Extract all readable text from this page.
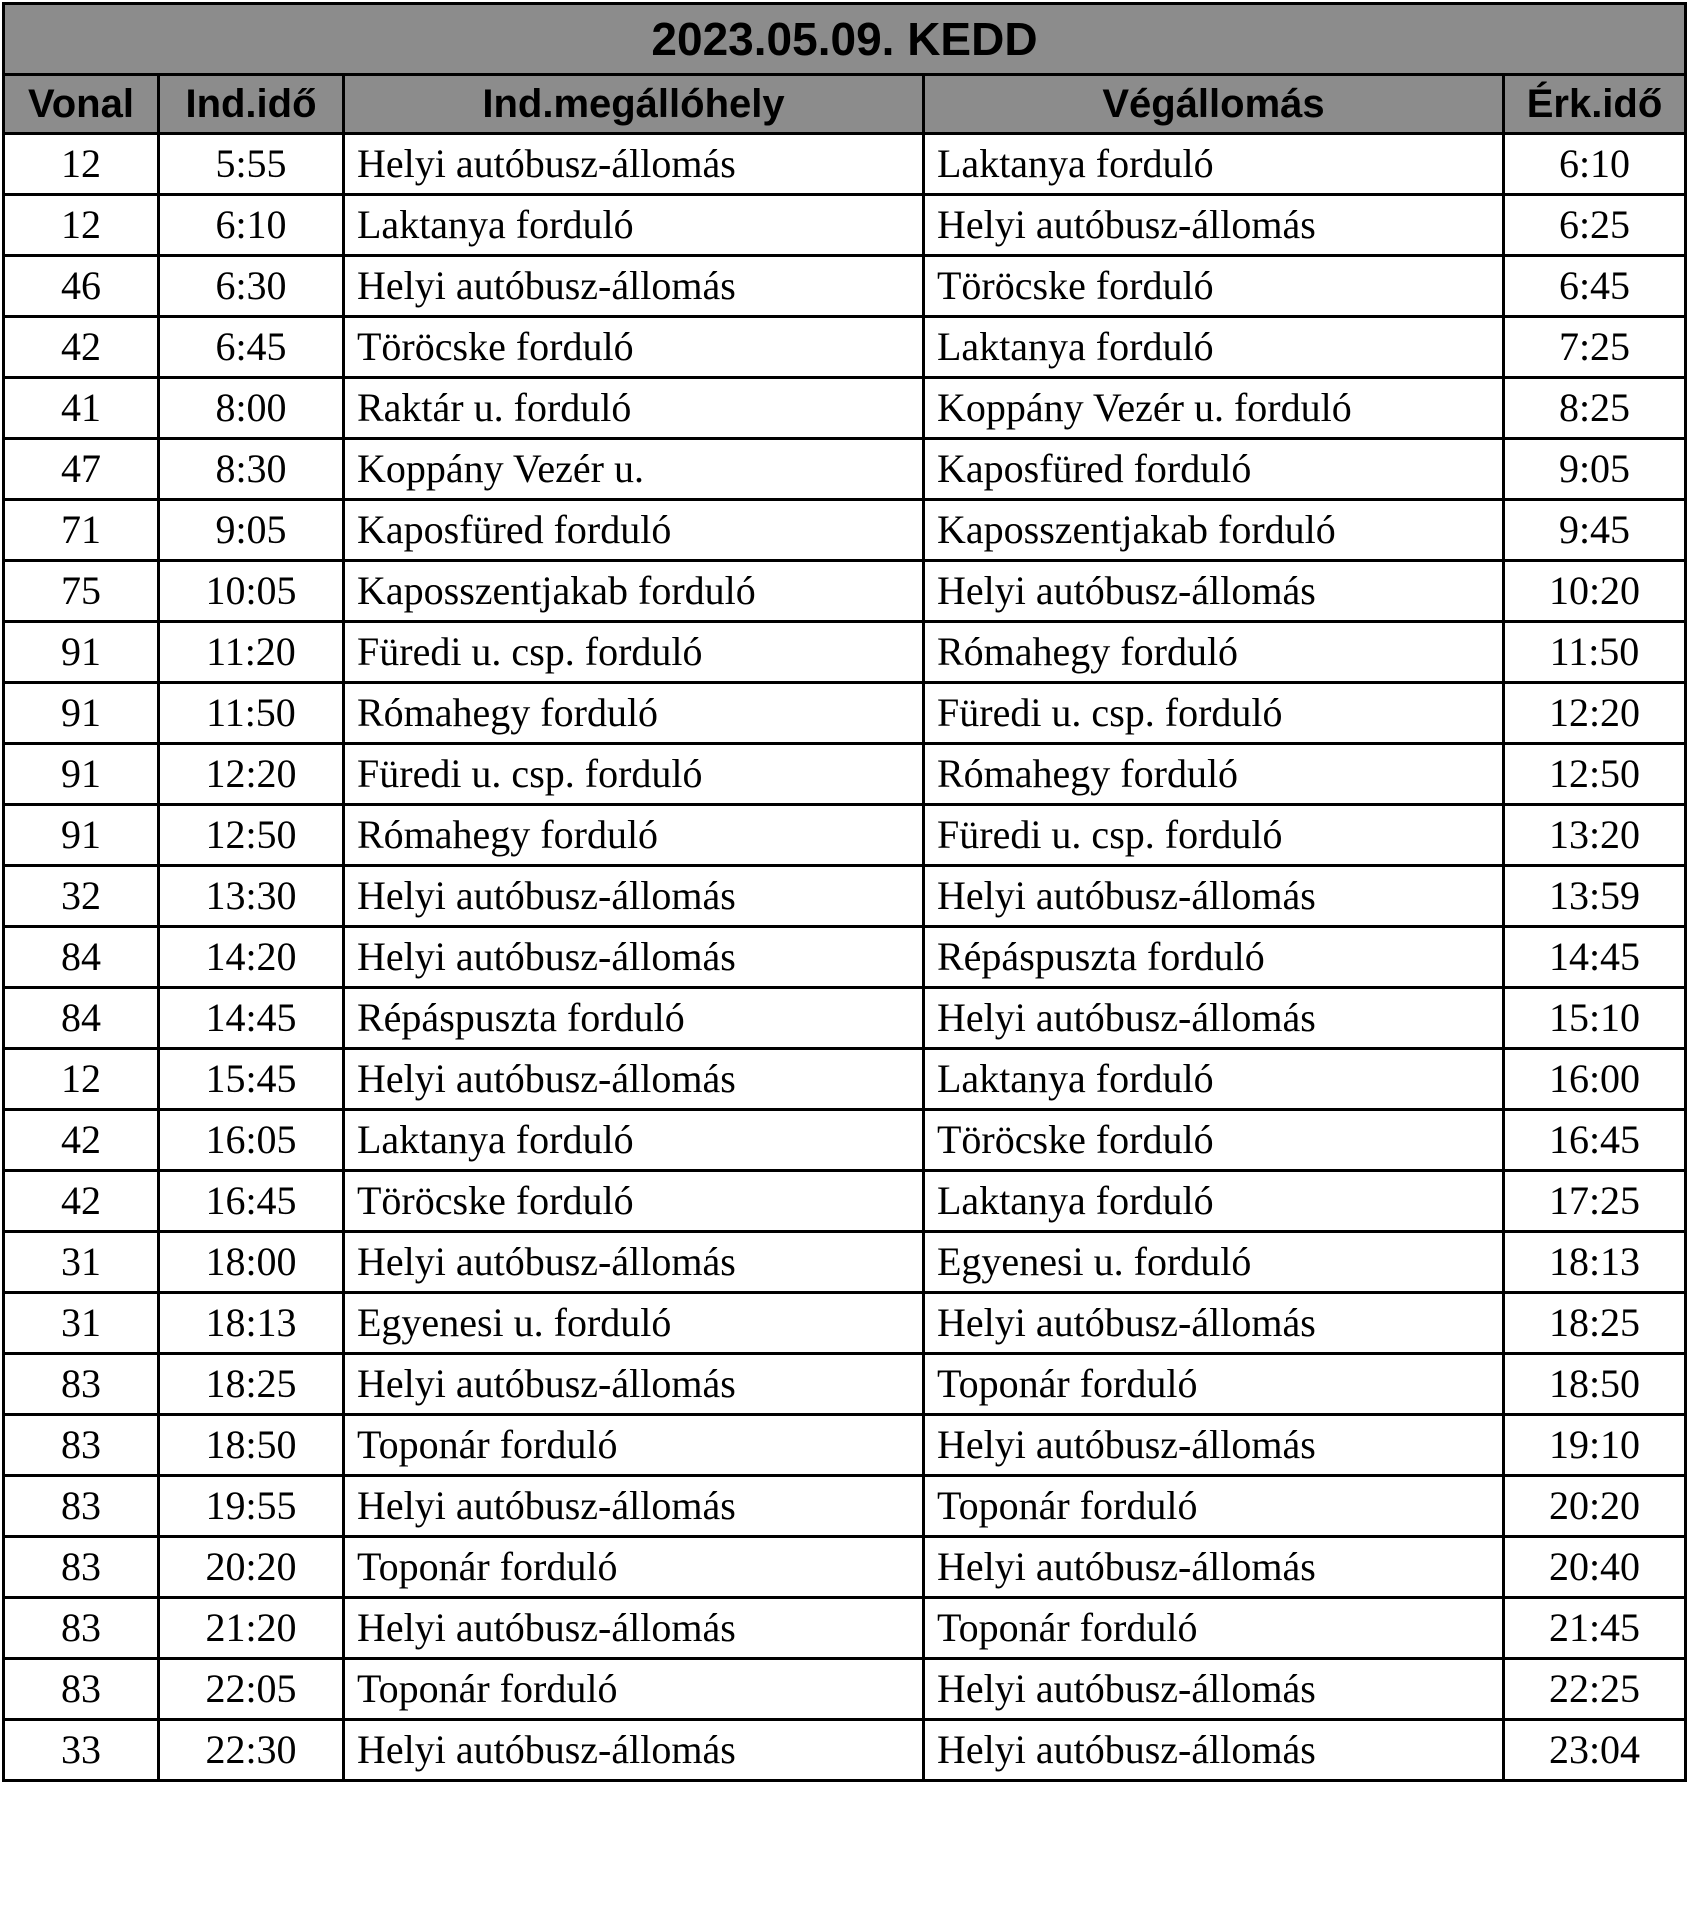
2023.05.09. KEDD				
Vonal	Ind.idő	Ind.megállóhely	Végállomás	Érk.idő
12	5:55	Helyi autóbusz-állomás	Laktanya forduló	6:10
12	6:10	Laktanya forduló	Helyi autóbusz-állomás	6:25
46	6:30	Helyi autóbusz-állomás	Töröcske forduló	6:45
42	6:45	Töröcske forduló	Laktanya forduló	7:25
41	8:00	Raktár u. forduló	Koppány Vezér u. forduló	8:25
47	8:30	Koppány Vezér u.	Kaposfüred forduló	9:05
71	9:05	Kaposfüred forduló	Kaposszentjakab forduló	9:45
75	10:05	Kaposszentjakab forduló	Helyi autóbusz-állomás	10:20
91	11:20	Füredi u. csp. forduló	Rómahegy forduló	11:50
91	11:50	Rómahegy forduló	Füredi u. csp. forduló	12:20
91	12:20	Füredi u. csp. forduló	Rómahegy forduló	12:50
91	12:50	Rómahegy forduló	Füredi u. csp. forduló	13:20
32	13:30	Helyi autóbusz-állomás	Helyi autóbusz-állomás	13:59
84	14:20	Helyi autóbusz-állomás	Répáspuszta forduló	14:45
84	14:45	Répáspuszta forduló	Helyi autóbusz-állomás	15:10
12	15:45	Helyi autóbusz-állomás	Laktanya forduló	16:00
42	16:05	Laktanya forduló	Töröcske forduló	16:45
42	16:45	Töröcske forduló	Laktanya forduló	17:25
31	18:00	Helyi autóbusz-állomás	Egyenesi u. forduló	18:13
31	18:13	Egyenesi u. forduló	Helyi autóbusz-állomás	18:25
83	18:25	Helyi autóbusz-állomás	Toponár forduló	18:50
83	18:50	Toponár forduló	Helyi autóbusz-állomás	19:10
83	19:55	Helyi autóbusz-állomás	Toponár forduló	20:20
83	20:20	Toponár forduló	Helyi autóbusz-állomás	20:40
83	21:20	Helyi autóbusz-állomás	Toponár forduló	21:45
83	22:05	Toponár forduló	Helyi autóbusz-állomás	22:25
33	22:30	Helyi autóbusz-állomás	Helyi autóbusz-állomás	23:04
